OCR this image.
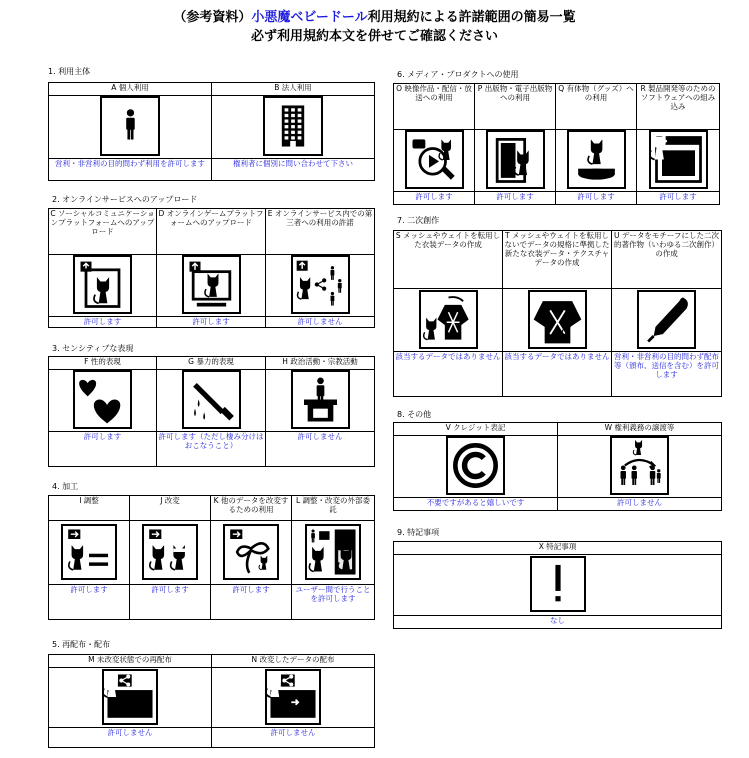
（参考資料）小悪魔ベビードール利用規約による許諾範囲の簡易一覧
必ず利用規約本文を併せてご確認ください
1. 利用主体
A 個人利用	B 法人利用

営利・非営利の目的問わず利用を許可します	権利者に個別に問い合わせて下さい
2. オンラインサービスへのアップロード
C ソーシャルコミュニケーションプラットフォームへのアップロード	D オンラインゲームプラットフォームへのアップロード	E オンラインサービス内での第三者への利用の許諾

許可します	許可します	許可しません
3. センシティブな表現
F 性的表現	G 暴力的表現	H 政治活動・宗教活動

許可します	許可します（ただし棲み分けはおこなうこと）	許可しません
4. 加工
I 調整	J 改変	K 他のデータを改変するための利用	L 調整・改変の外部委託

許可します	許可します	許可します	ユーザー間で行うことを許可します
5. 再配布・配布
M 未改変状態での再配布	N 改変したデータの配布

許可しません	許可しません
6. メディア・プロダクトへの使用
O 映像作品・配信・放送への利用	P 出版物・電子出版物への利用	Q 有体物（グッズ）への利用	R 製品開発等のためのソフトウェアへの組み込み

許可します	許可します	許可します	許可します
7. 二次創作
S メッシュやウェイトを転用した衣装データの作成	T メッシュやウェイトを転用しないでデータの規格に準拠した新たな衣装データ・テクスチャデータの作成	U データをモチーフにした二次的著作物（いわゆる二次創作）の作成

該当するデータではありません	該当するデータではありません	営利・非営利の目的問わず配布等（頒布、送信を含む）を許可します
8. その他
V クレジット表記	W 権利義務の譲渡等

不要ですがあると嬉しいです	許可しません
9. 特記事項
X 特記事項

なし
